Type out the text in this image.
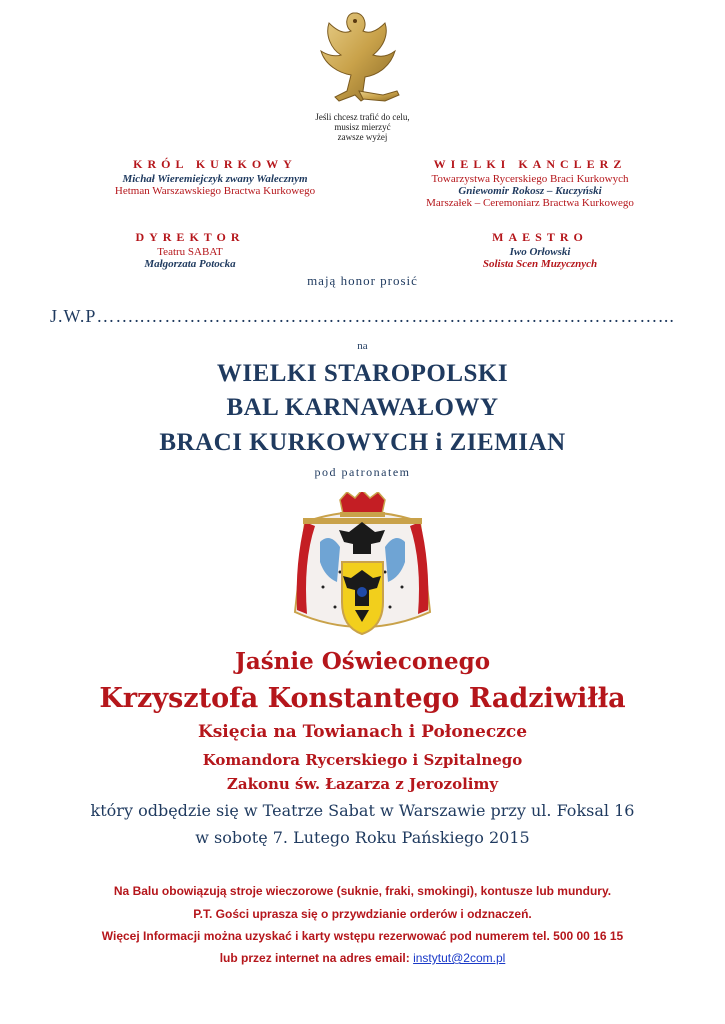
Jeśli chcesz trafić do celu,
musisz mierzyć
zawsze wyżej
KRÓL KURKOWY
Michał Wieremiejczyk zwany Walecznym
Hetman Warszawskiego Bractwa Kurkowego
WIELKI KANCLERZ
Towarzystwa Rycerskiego Braci Kurkowych
Gniewomir Rokosz – Kuczyński
Marszałek – Ceremoniarz Bractwa Kurkowego
DYREKTOR
Teatru SABAT
Małgorzata Potocka
MAESTRO
Iwo Orłowski
Solista Scen Muzycznych
mają honor prosić
J.W.P……..………………………………………………………………………...
na
WIELKI STAROPOLSKI
BAL KARNAWAŁOWY
BRACI KURKOWYCH i ZIEMIAN
pod patronatem
Jaśnie Oświeconego
Krzysztofa Konstantego Radziwiłła
Księcia na Towianach i Połoneczce
Komandora Rycerskiego i Szpitalnego
Zakonu św. Łazarza z Jerozolimy
który odbędzie się w Teatrze Sabat w Warszawie przy ul. Foksal 16
w sobotę 7. Lutego Roku Pańskiego 2015
Na Balu obowiązują stroje wieczorowe (suknie, fraki, smokingi), kontusze lub mundury.
P.T. Gości uprasza się o przywdzianie orderów i odznaczeń.
Więcej Informacji można uzyskać i karty wstępu rezerwować pod numerem tel. 500 00 16 15
lub przez internet na adres email: instytut@2com.pl
